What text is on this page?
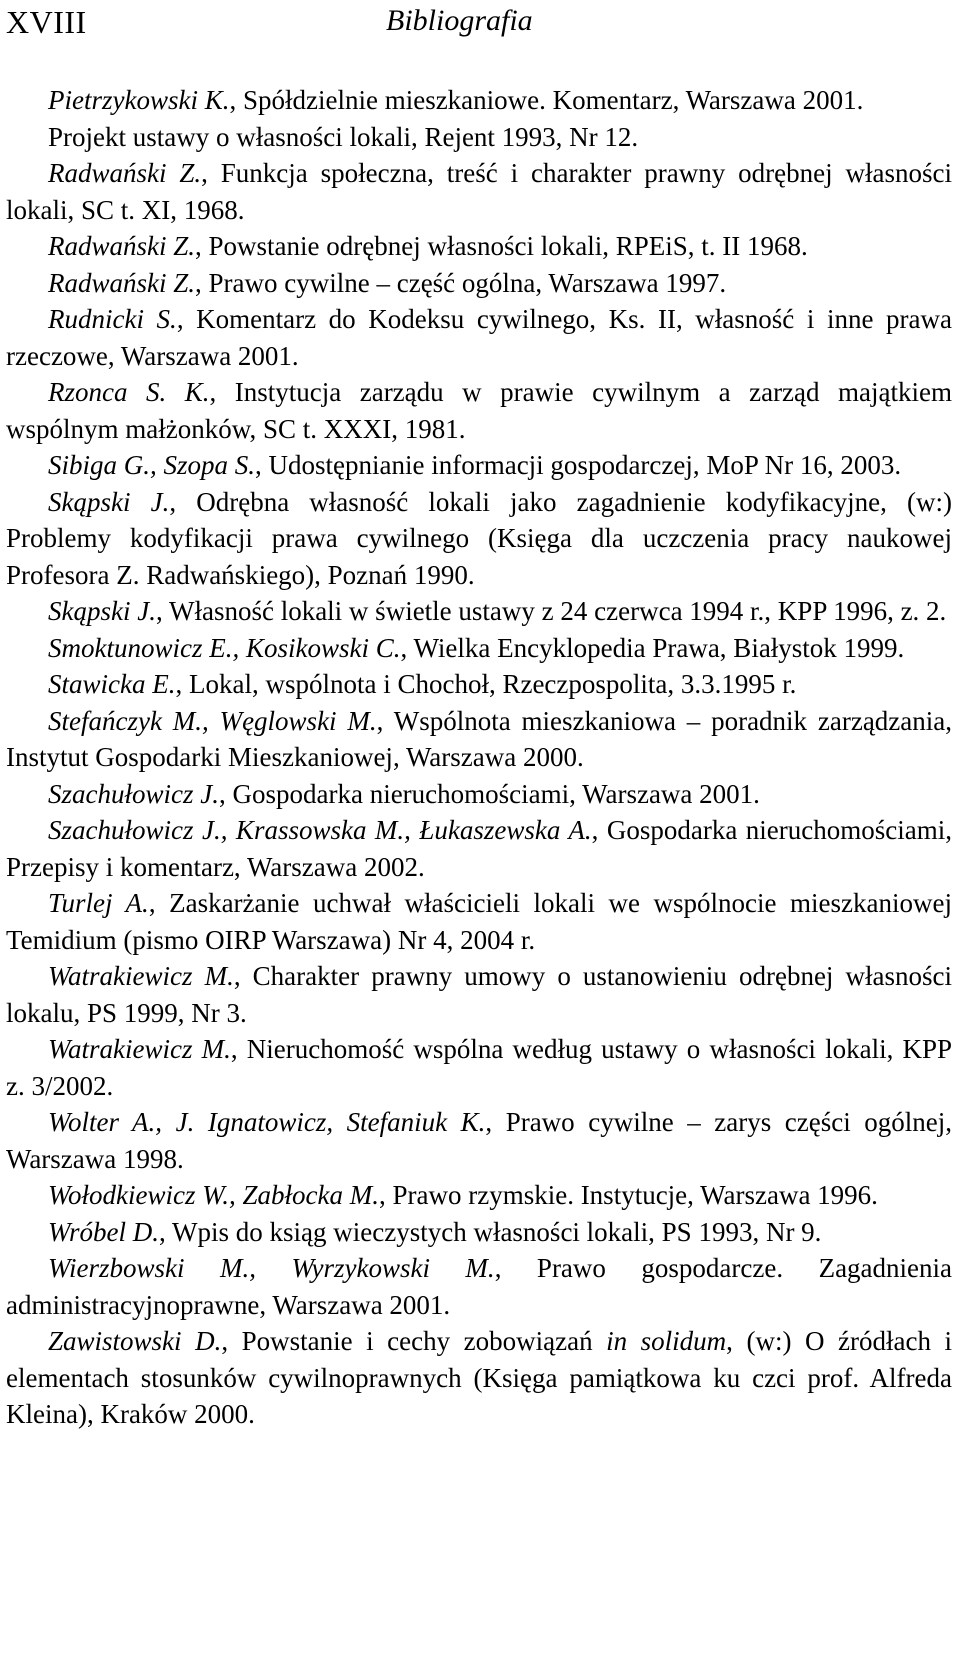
XVIII	Bibliografia
Pietrzykowski K., Spółdzielnie mieszkaniowe. Komentarz, Warszawa 2001.
Projekt ustawy o własności lokali, Rejent 1993, Nr 12.
Radwański Z., Funkcja społeczna, treść i charakter prawny odrębnej własności lokali, SC t. XI, 1968.
Radwański Z., Powstanie odrębnej własności lokali, RPEiS, t. II 1968.
Radwański Z., Prawo cywilne – część ogólna, Warszawa 1997.
Rudnicki S., Komentarz do Kodeksu cywilnego, Ks. II, własność i inne prawa rzeczowe, Warszawa 2001.
Rzonca S. K., Instytucja zarządu w prawie cywilnym a zarząd majątkiem wspólnym małżonków, SC t. XXXI, 1981.
Sibiga G., Szopa S., Udostępnianie informacji gospodarczej, MoP Nr 16, 2003.
Skąpski J., Odrębna własność lokali jako zagadnienie kodyfikacyjne, (w:) Problemy kodyfikacji prawa cywilnego (Księga dla uczczenia pracy naukowej Profesora Z. Radwańskiego), Poznań 1990.
Skąpski J., Własność lokali w świetle ustawy z 24 czerwca 1994 r., KPP 1996, z. 2.
Smoktunowicz E., Kosikowski C., Wielka Encyklopedia Prawa, Białystok 1999.
Stawicka E., Lokal, wspólnota i Chochoł, Rzeczpospolita, 3.3.1995 r.
Stefańczyk M., Węglowski M., Wspólnota mieszkaniowa – poradnik zarządzania, Instytut Gospodarki Mieszkaniowej, Warszawa 2000.
Szachułowicz J., Gospodarka nieruchomościami, Warszawa 2001.
Szachułowicz J., Krassowska M., Łukaszewska A., Gospodarka nieruchomościami, Przepisy i komentarz, Warszawa 2002.
Turlej A., Zaskarżanie uchwał właścicieli lokali we wspólnocie mieszkaniowej Temidium (pismo OIRP Warszawa) Nr 4, 2004 r.
Watrakiewicz M., Charakter prawny umowy o ustanowieniu odrębnej własności lokalu, PS 1999, Nr 3.
Watrakiewicz M., Nieruchomość wspólna według ustawy o własności lokali, KPP z. 3/2002.
Wolter A., J. Ignatowicz, Stefaniuk K., Prawo cywilne – zarys części ogólnej, Warszawa 1998.
Wołodkiewicz W., Zabłocka M., Prawo rzymskie. Instytucje, Warszawa 1996.
Wróbel D., Wpis do ksiąg wieczystych własności lokali, PS 1993, Nr 9.
Wierzbowski M., Wyrzykowski M., Prawo gospodarcze. Zagadnienia administracyjnoprawne, Warszawa 2001.
Zawistowski D., Powstanie i cechy zobowiązań in solidum, (w:) O źródłach i elementach stosunków cywilnoprawnych (Księga pamiątkowa ku czci prof. Alfreda Kleina), Kraków 2000.
